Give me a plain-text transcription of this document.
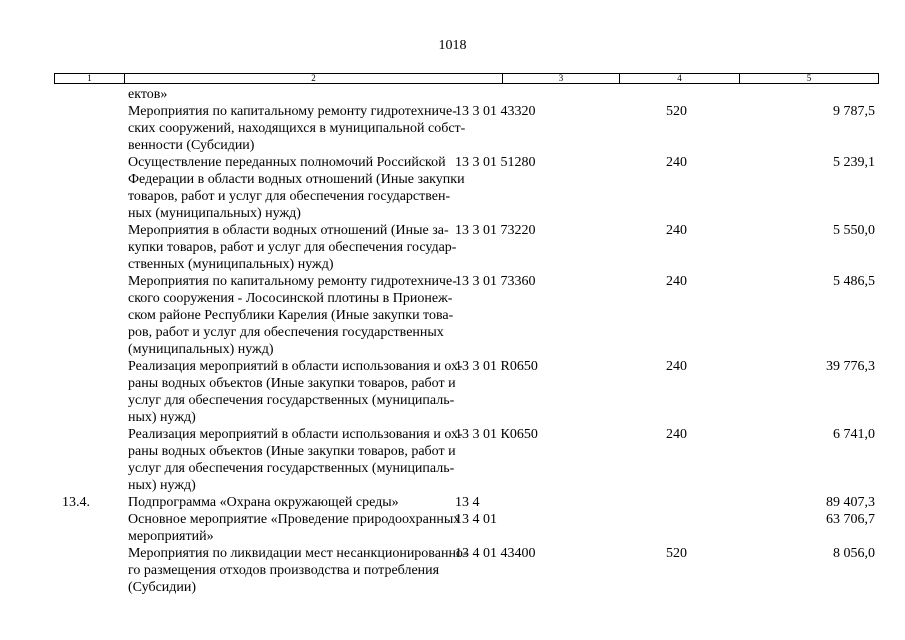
1018
1	2	3	4	5
ектов»
Мероприятия по капитальному ремонту гидротехниче-
ских сооружений, находящихся в муниципальной собст-
венности (Субсидии)
13 3 01 43320	520	9 787,5
Осуществление переданных полномочий Российской
Федерации в области водных отношений (Иные закупки
товаров, работ и услуг для обеспечения государствен-
ных (муниципальных) нужд)
13 3 01 51280	240	5 239,1
Мероприятия в области водных отношений (Иные за-
купки товаров, работ и услуг для обеспечения государ-
ственных (муниципальных) нужд)
13 3 01 73220	240	5 550,0
Мероприятия по капитальному ремонту гидротехниче-
ского сооружения - Лососинской плотины в Прионеж-
ском районе Республики Карелия (Иные закупки това-
ров, работ и услуг для обеспечения государственных
(муниципальных) нужд)
13 3 01 73360	240	5 486,5
Реализация мероприятий в области использования и ох-
раны водных объектов (Иные закупки товаров, работ и
услуг для обеспечения государственных (муниципаль-
ных) нужд)
13 3 01 R0650	240	39 776,3
Реализация мероприятий в области использования и ох-
раны водных объектов (Иные закупки товаров, работ и
услуг для обеспечения государственных (муниципаль-
ных) нужд)
13 3 01 К0650	240	6 741,0
13.4.	Подпрограмма «Охрана окружающей среды»	13 4	89 407,3
Основное мероприятие «Проведение природоохранных
мероприятий»
13 4 01	63 706,7
Мероприятия по ликвидации мест несанкционированно-
го размещения отходов производства и потребления
(Субсидии)
13 4 01 43400	520	8 056,0
